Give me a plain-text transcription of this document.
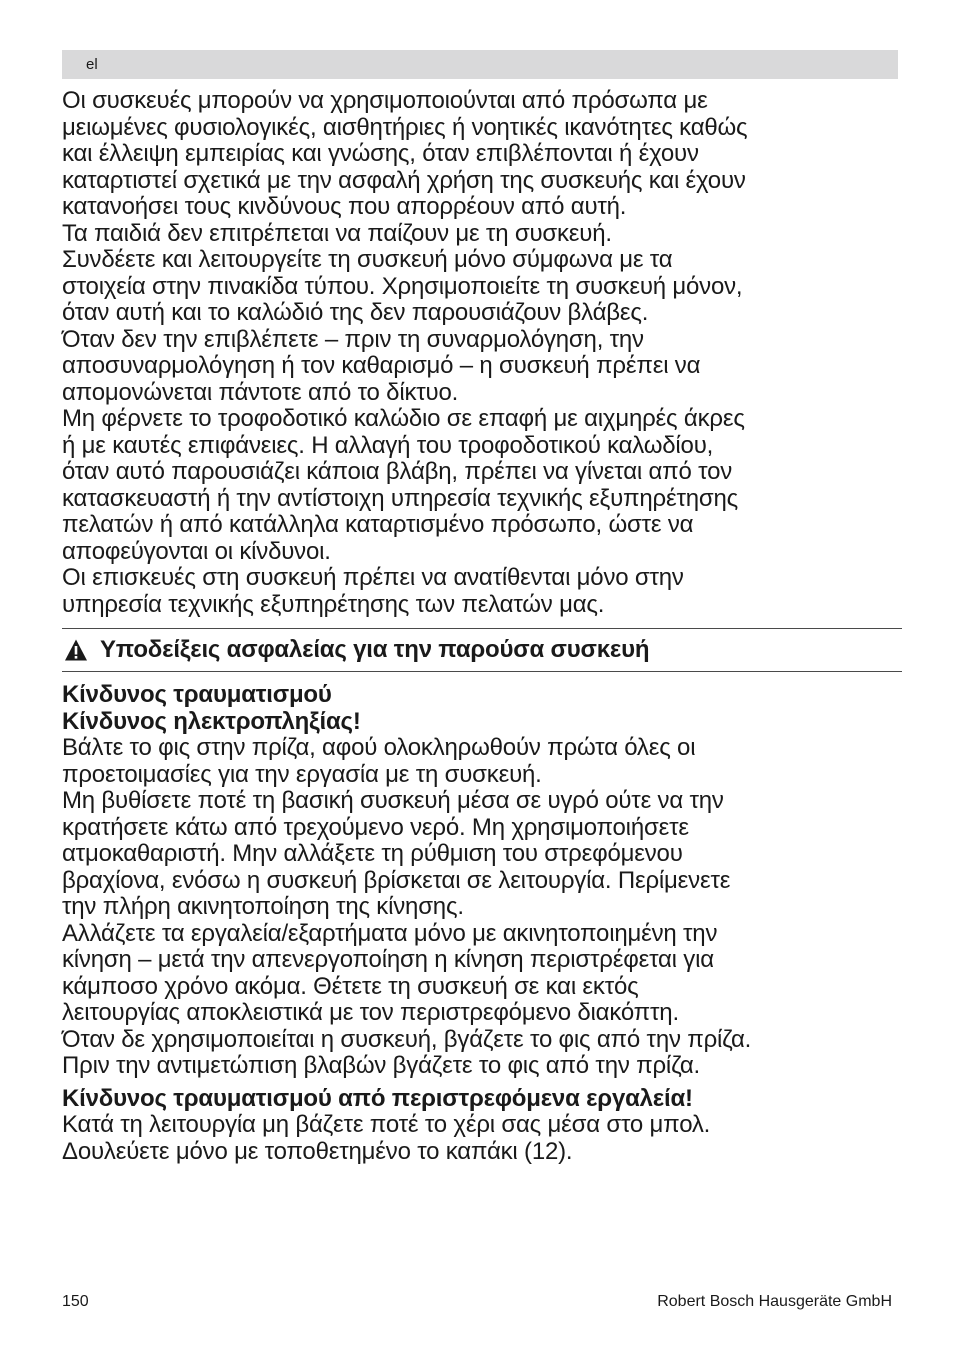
el

Οι συσκευές μπορούν να χρησιμοποιούνται από πρόσωπα με

μειωμένες φυσιολογικές, αισθητήριες ή νοητικές ικανότητες καθώς

και έλλειψη εμπειρίας και γνώσης, όταν επιβλέπονται ή έχουν

καταρτιστεί σχετικά με την ασφαλή χρήση της συσκευής και έχουν

κατανοήσει τους κινδύνους που απορρέουν από αυτή.

Τα παιδιά δεν επιτρέπεται να παίζουν με τη συσκευή.

Συνδέετε και λειτουργείτε τη συσκευή μόνο σύμφωνα με τα

στοιχεία στην πινακίδα τύπου. Χρησιμοποιείτε τη συσκευή μόνον,

όταν αυτή και το καλώδιό της δεν παρουσιάζουν βλάβες.

Όταν δεν την επιβλέπετε – πριν τη συναρμολόγηση, την

αποσυναρμολόγηση ή τον καθαρισμό – η συσκευή πρέπει να

απομονώνεται πάντοτε από το δίκτυο.

Μη φέρνετε το τροφοδοτικό καλώδιο σε επαφή με αιχμηρές άκρες

ή με καυτές επιφάνειες. Η αλλαγή του τροφοδοτικού καλωδίου,

όταν αυτό παρουσιάζει κάποια βλάβη, πρέπει να γίνεται από τον

κατασκευαστή ή την αντίστοιχη υπηρεσία τεχνικής εξυπηρέτησης

πελατών ή από κατάλληλα καταρτισμένο πρόσωπο, ώστε να

αποφεύγονται οι κίνδυνοι.

Οι επισκευές στη συσκευή πρέπει να ανατίθενται μόνο στην

υπηρεσία τεχνικής εξυπηρέτησης των πελατών μας.

Υποδείξεις ασφαλείας για την παρούσα συσκευή

Κίνδυνος τραυματισμού

Κίνδυνος ηλεκτροπληξίας!

Βάλτε το φις στην πρίζα, αφού ολοκληρωθούν πρώτα όλες οι

προετοιμασίες για την εργασία με τη συσκευή.

Μη βυθίσετε ποτέ τη βασική συσκευή μέσα σε υγρό ούτε να την

κρατήσετε κάτω από τρεχούμενο νερό. Μη χρησιμοποιήσετε

ατμοκαθαριστή. Μην αλλάξετε τη ρύθμιση του στρεφόμενου

βραχίονα, ενόσω η συσκευή βρίσκεται σε λειτουργία. Περίμενετε

την πλήρη ακινητοποίηση της κίνησης.

Αλλάζετε τα εργαλεία/εξαρτήματα μόνο με ακινητοποιημένη την

κίνηση – μετά την απενεργοποίηση η κίνηση περιστρέφεται για

κάμποσο χρόνο ακόμα. Θέτετε τη συσκευή σε και εκτός

λειτουργίας αποκλειστικά με τον περιστρεφόμενο διακόπτη.

Όταν δε χρησιμοποιείται η συσκευή, βγάζετε το φις από την πρίζα.

Πριν την αντιμετώπιση βλαβών βγάζετε το φις από την πρίζα.

Κίνδυνος τραυματισμού από περιστρεφόμενα εργαλεία!

Κατά τη λειτουργία μη βάζετε ποτέ το χέρι σας μέσα στο μπολ.

Δουλεύετε μόνο με τοποθετημένο το καπάκι (12).

150	Robert Bosch Hausgeräte GmbH
